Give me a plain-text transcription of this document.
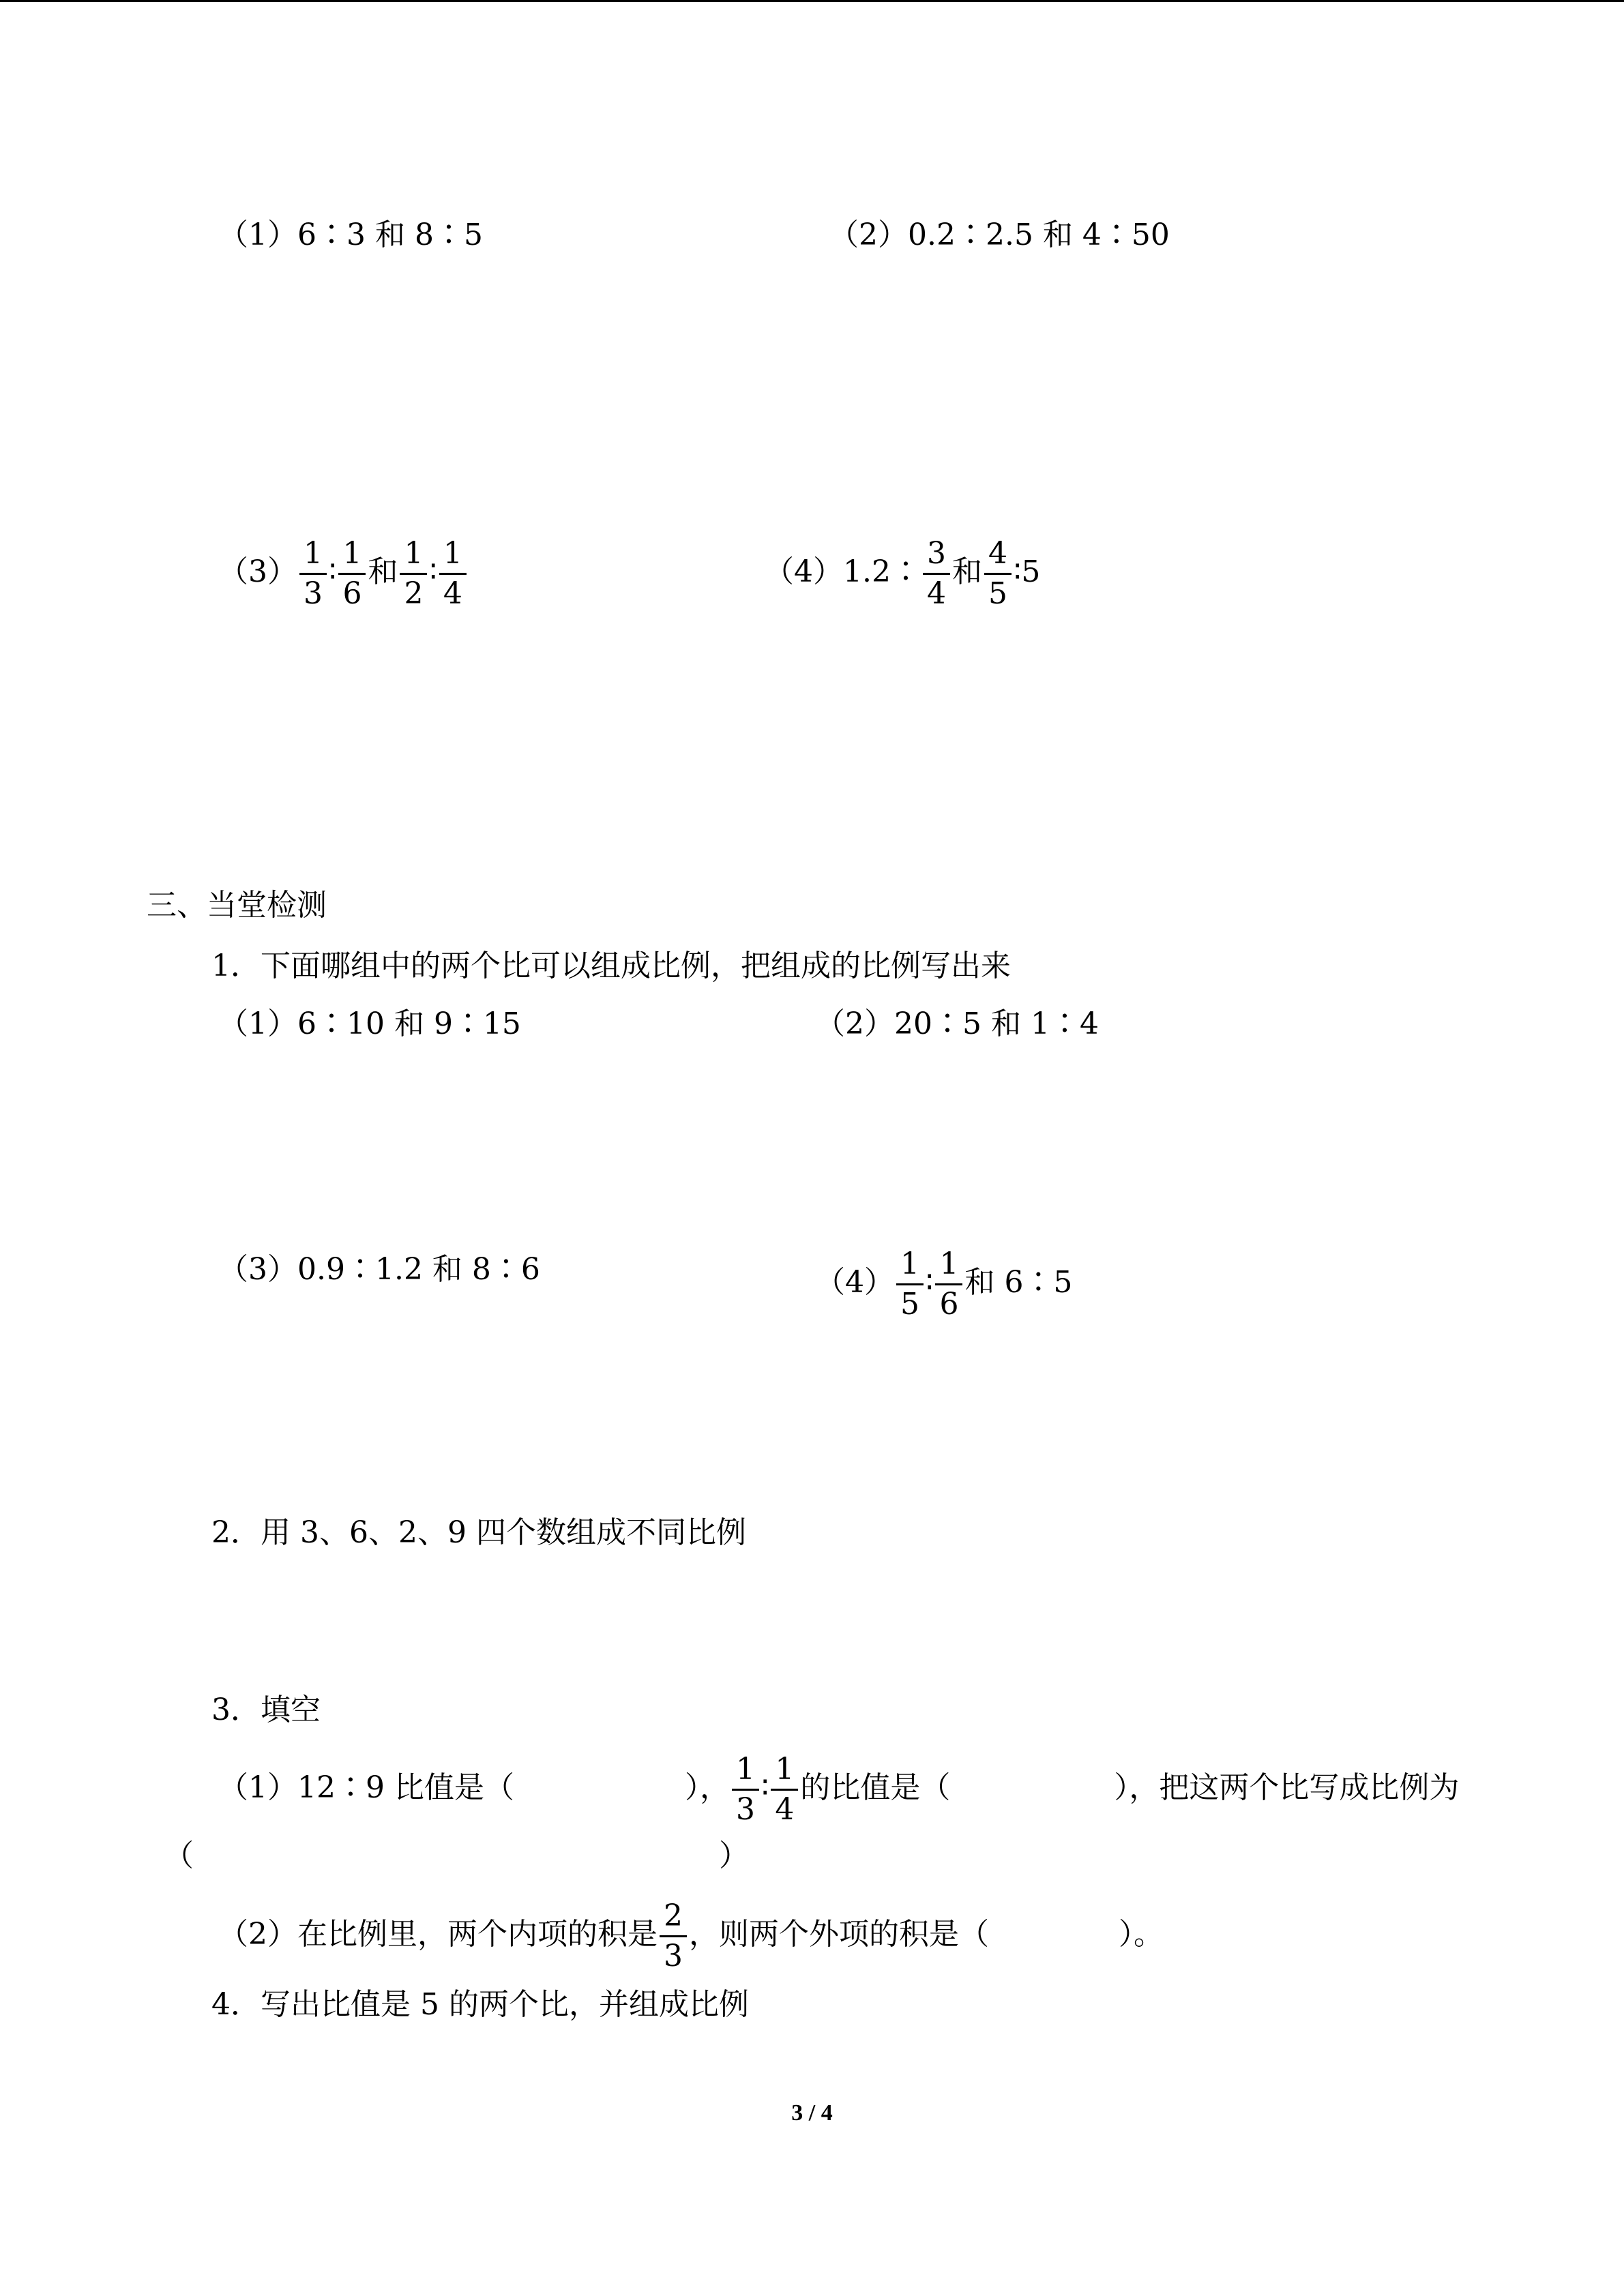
（1）6∶3 和 8∶5	（2）0.2∶2.5 和 4∶50
$(3) \frac{1}{3}$ ∶ $\frac{1}{6}$ 和 $\frac{1}{2}$ ∶ $\frac{1}{4}$	（4）1.2∶ $\frac{3}{4}$ 和 $\frac{4}{5}$ ∶5
三、当堂检测
1．下面哪组中的两个比可以组成比例，把组成的比例写出来
（1）6∶10 和 9∶15	（2）20∶5 和 1∶4
（3）0.9∶1.2 和 8∶6	$(4) \frac{1}{5}$ ∶ $\frac{1}{6}$ 和 6∶5
2．用 3、6、2、9 四个数组成不同比例
3．填空
（1）12∶9 比值是（	）， $\frac{1}{3}$ ∶ $\frac{1}{4}$ 的比值是（	），把这两个比写成比例为
（	）
（2）在比例里，两个内项的积是 $\frac{2}{3}$ ，则两个外项的积是（	）。
4．写出比值是 5 的两个比，并组成比例
3 / 4
